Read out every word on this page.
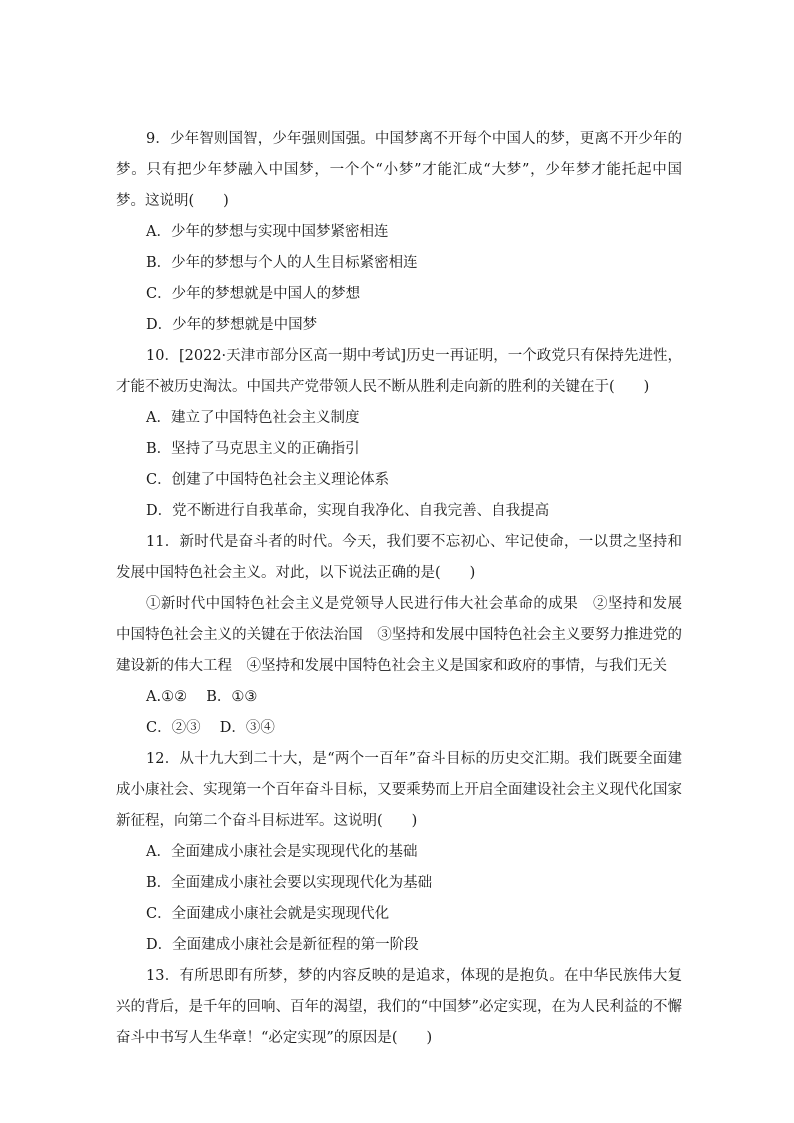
9．少年智则国智，少年强则国强。中国梦离不开每个中国人的梦，更离不开少年的梦。只有把少年梦融入中国梦，一个个“小梦”才能汇成“大梦”，少年梦才能托起中国梦。这说明(　　)

A．少年的梦想与实现中国梦紧密相连

B．少年的梦想与个人的人生目标紧密相连

C．少年的梦想就是中国人的梦想

D．少年的梦想就是中国梦

10．[2022·天津市部分区高一期中考试]历史一再证明，一个政党只有保持先进性，才能不被历史淘汰。中国共产党带领人民不断从胜利走向新的胜利的关键在于(　　)

A．建立了中国特色社会主义制度

B．坚持了马克思主义的正确指引

C．创建了中国特色社会主义理论体系

D．党不断进行自我革命，实现自我净化、自我完善、自我提高

11．新时代是奋斗者的时代。今天，我们要不忘初心、牢记使命，一以贯之坚持和发展中国特色社会主义。对此，以下说法正确的是(　　)

①新时代中国特色社会主义是党领导人民进行伟大社会革命的成果　②坚持和发展中国特色社会主义的关键在于依法治国　③坚持和发展中国特色社会主义要努力推进党的建设新的伟大工程　④坚持和发展中国特色社会主义是国家和政府的事情，与我们无关

A.①②　 B．①③

C．②③　 D．③④

12．从十九大到二十大，是“两个一百年”奋斗目标的历史交汇期。我们既要全面建成小康社会、实现第一个百年奋斗目标，又要乘势而上开启全面建设社会主义现代化国家新征程，向第二个奋斗目标进军。这说明(　　)

A．全面建成小康社会是实现现代化的基础

B．全面建成小康社会要以实现现代化为基础

C．全面建成小康社会就是实现现代化

D．全面建成小康社会是新征程的第一阶段

13．有所思即有所梦，梦的内容反映的是追求，体现的是抱负。在中华民族伟大复兴的背后，是千年的回响、百年的渴望，我们的“中国梦”必定实现，在为人民利益的不懈奋斗中书写人生华章！“必定实现”的原因是(　　)
